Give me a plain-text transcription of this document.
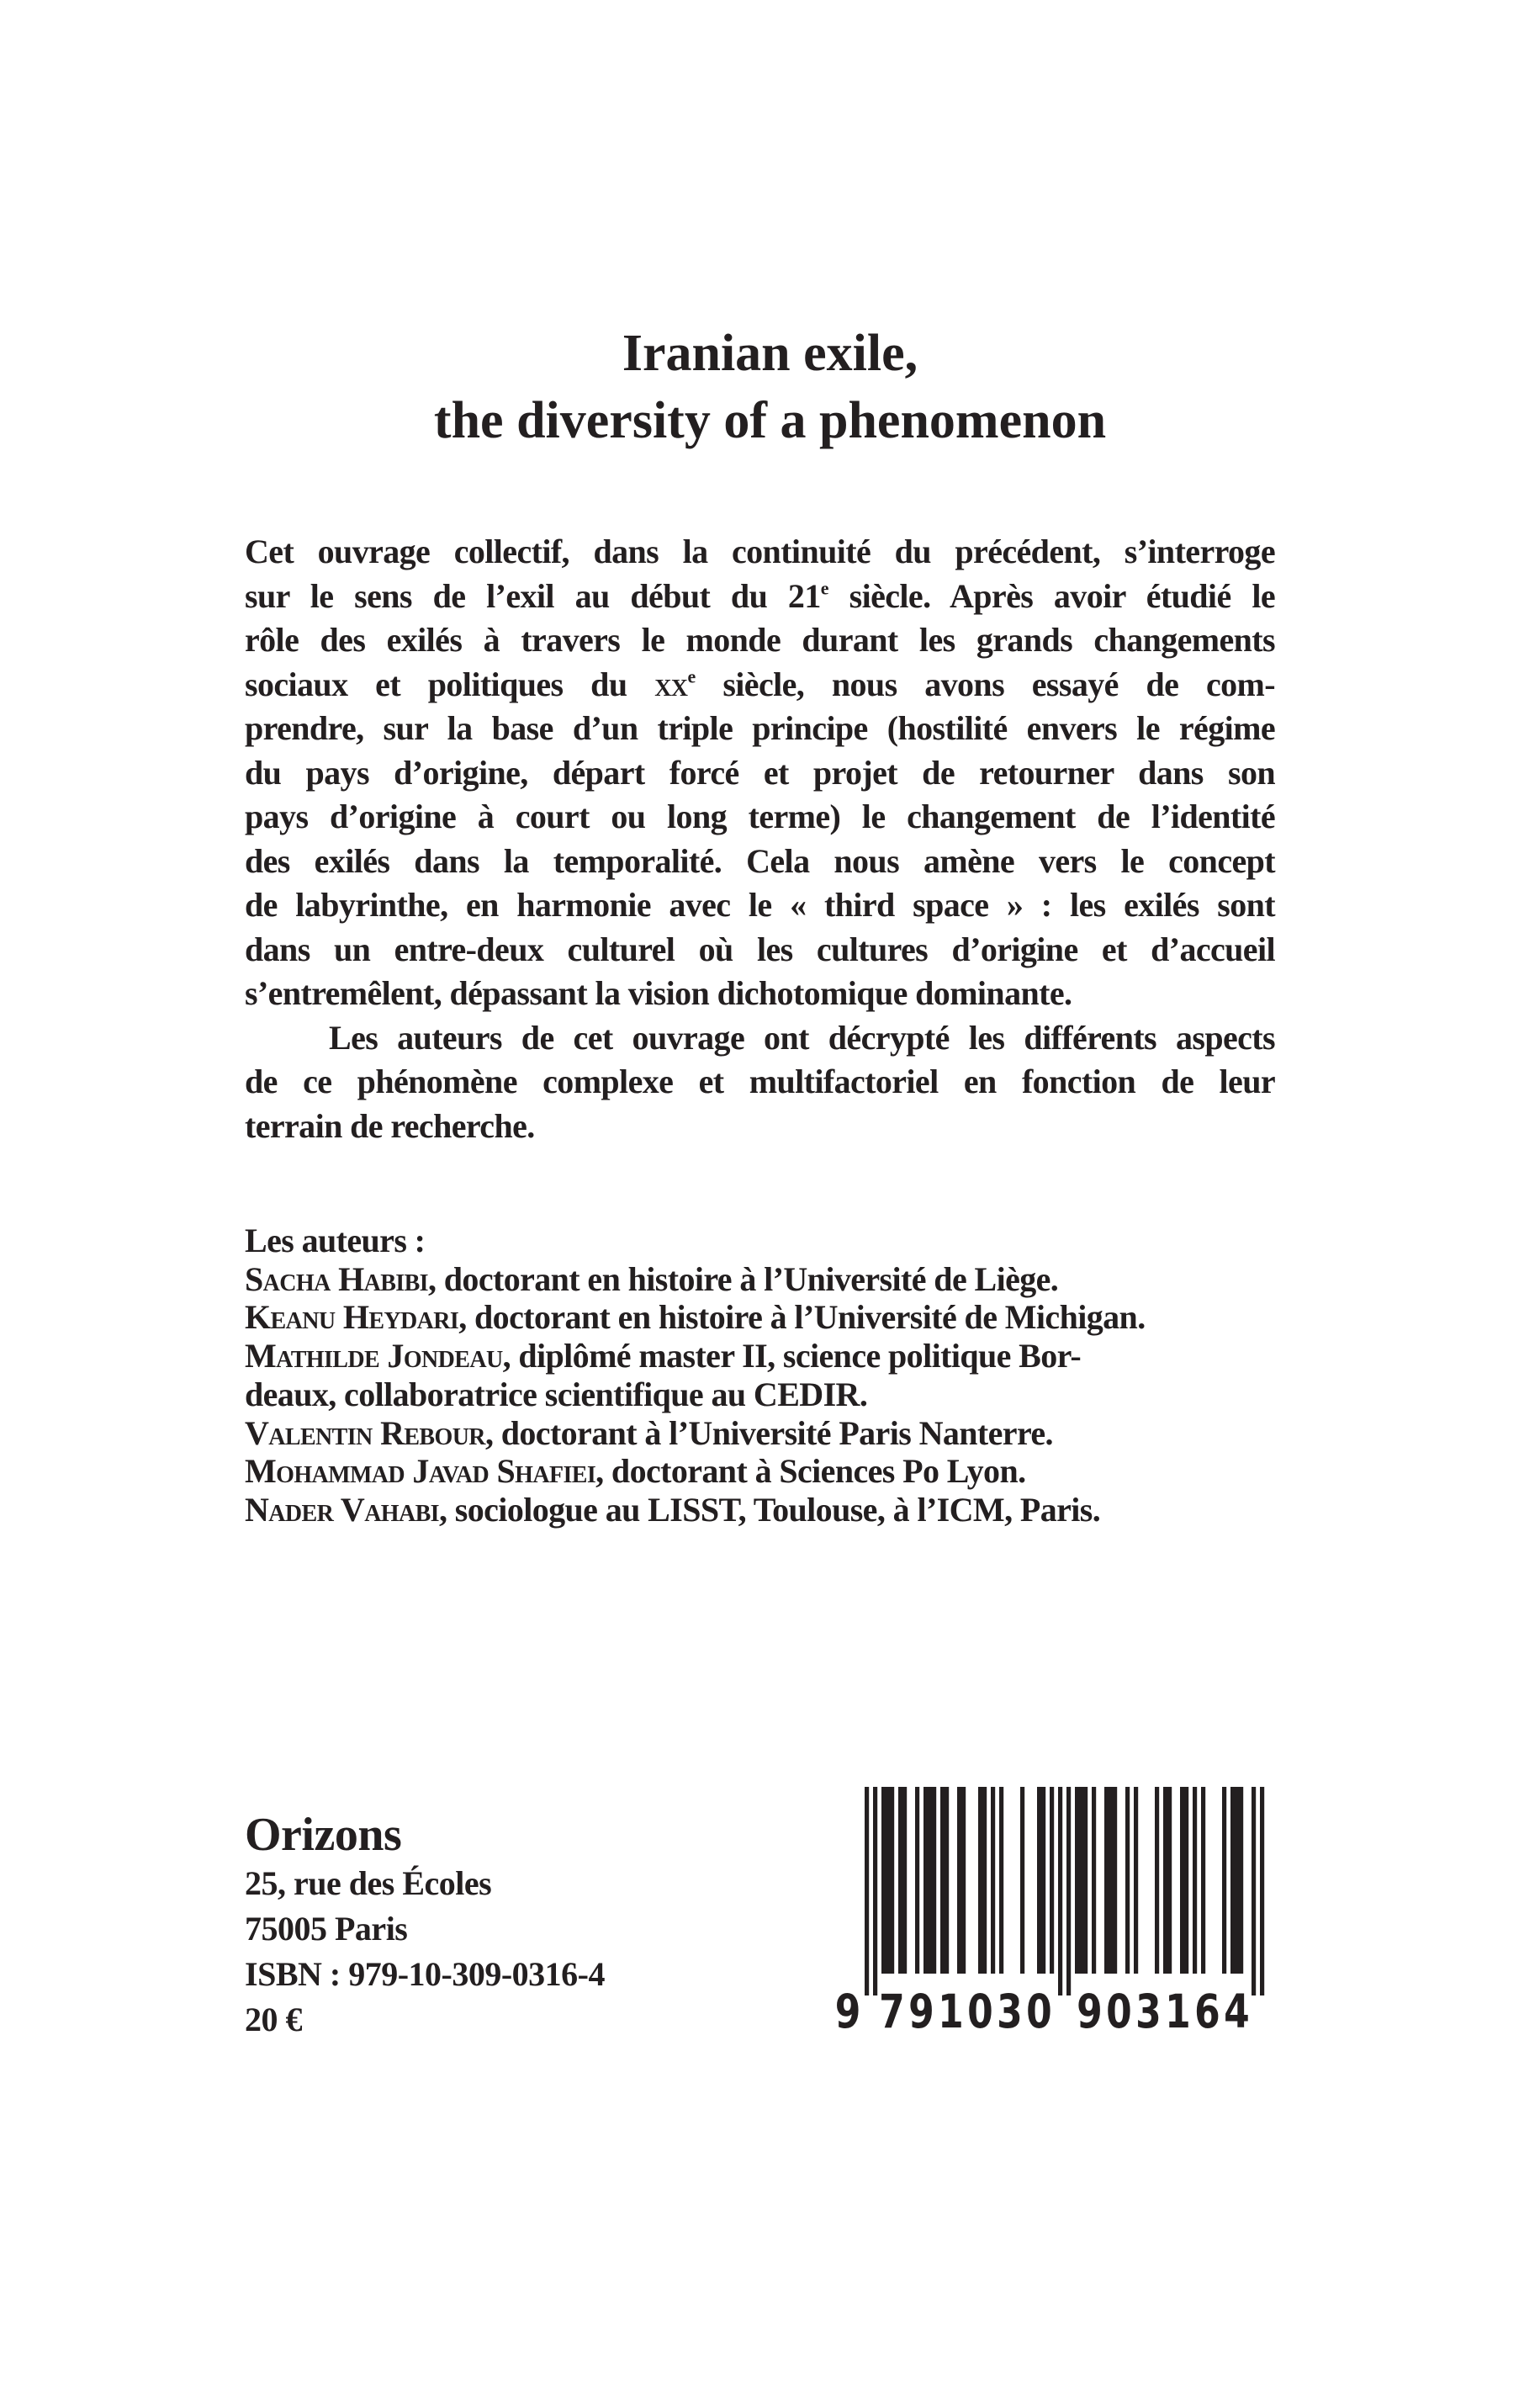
Iranian exile,
the diversity of a phenomenon
Cet ouvrage collectif, dans la continuité du précédent, s’interroge
sur le sens de l’exil au début du 21e siècle. Après avoir étudié le
rôle des exilés à travers le monde durant les grands changements
sociaux et politiques du $xx^e$ siècle, nous avons essayé de com-
prendre, sur la base d’un triple principe (hostilité envers le régime
du pays d’origine, départ forcé et projet de retourner dans son
pays d’origine à court ou long terme) le changement de l’identité
des exilés dans la temporalité. Cela nous amène vers le concept
de labyrinthe, en harmonie avec le « third space » : les exilés sont
dans un entre-deux culturel où les cultures d’origine et d’accueil
s’entremêlent, dépassant la vision dichotomique dominante.
Les auteurs de cet ouvrage ont décrypté les différents aspects
de ce phénomène complexe et multifactoriel en fonction de leur
terrain de recherche.
Les auteurs :
Sacha Habibi, doctorant en histoire à l’Université de Liège.
Keanu Heydari, doctorant en histoire à l’Université de Michigan.
Mathilde Jondeau, diplômé master II, science politique Bor-
deaux, collaboratrice scientifique au CEDIR.
Valentin Rebour, doctorant à l’Université Paris Nanterre.
Mohammad Javad Shafiei, doctorant à Sciences Po Lyon.
Nader Vahabi, sociologue au LISST, Toulouse, à l’ICM, Paris.
Orizons
25, rue des Écoles
75005 Paris
ISBN : 979-10-309-0316-4
20 €	9 7 9 1 0 3 0 9 0 3 1 6 4
